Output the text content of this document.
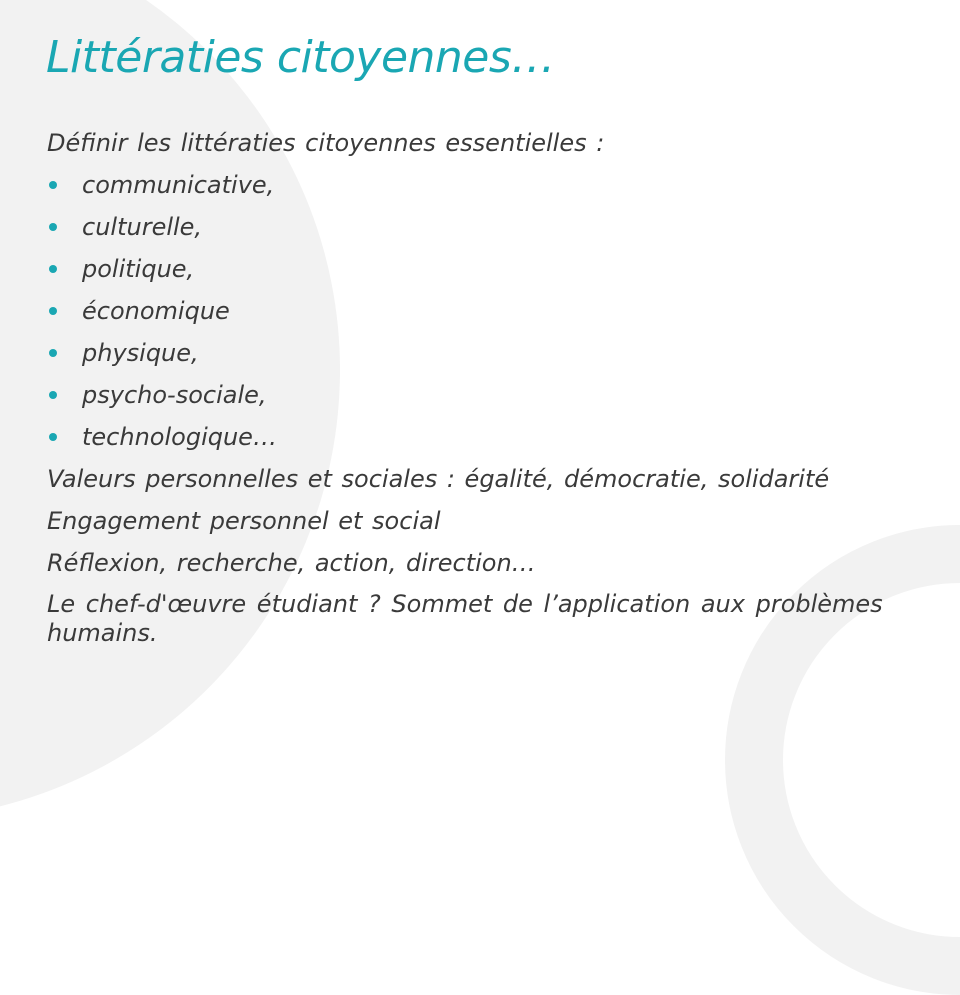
Littératies citoyennes…

Définir les littératies citoyennes essentielles :

communicative,
culturelle,
politique,
économique
physique,
psycho-sociale,
technologique…

Valeurs personnelles et sociales : égalité, démocratie, solidarité

Engagement personnel et social

Réflexion, recherche, action, direction…

Le chef-d'œuvre étudiant ? Sommet de l’application aux problèmes humains.
